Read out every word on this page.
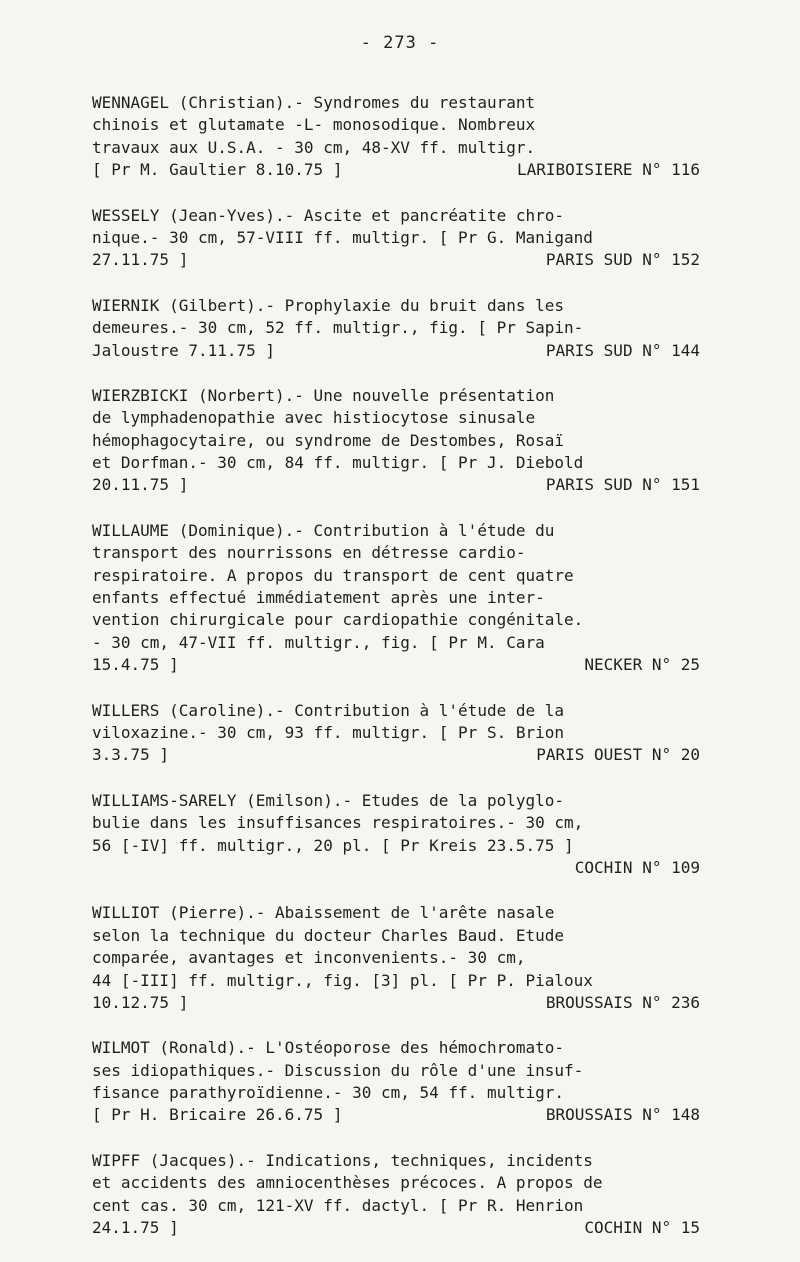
- 273 -
WENNAGEL (Christian).- Syndromes du restaurant
chinois et glutamate -L- monosodique. Nombreux
travaux aux U.S.A. - 30 cm, 48-XV ff. multigr.
[ Pr M. Gaultier 8.10.75 ]	LARIBOISIERE N° 116
WESSELY (Jean-Yves).- Ascite et pancréatite chro-
nique.- 30 cm, 57-VIII ff. multigr. [ Pr G. Manigand
27.11.75 ]	PARIS SUD N° 152
WIERNIK (Gilbert).- Prophylaxie du bruit dans les
demeures.- 30 cm, 52 ff. multigr., fig. [ Pr Sapin-
Jaloustre 7.11.75 ]	PARIS SUD N° 144
WIERZBICKI (Norbert).- Une nouvelle présentation
de lymphadenopathie avec histiocytose sinusale
hémophagocytaire, ou syndrome de Destombes, Rosaï
et Dorfman.- 30 cm, 84 ff. multigr. [ Pr J. Diebold
20.11.75 ]	PARIS SUD N° 151
WILLAUME (Dominique).- Contribution à l'étude du
transport des nourrissons en détresse cardio-
respiratoire. A propos du transport de cent quatre
enfants effectué immédiatement après une inter-
vention chirurgicale pour cardiopathie congénitale.
- 30 cm, 47-VII ff. multigr., fig. [ Pr M. Cara
15.4.75 ]	NECKER N° 25
WILLERS (Caroline).- Contribution à l'étude de la
viloxazine.- 30 cm, 93 ff. multigr. [ Pr S. Brion
3.3.75 ]	PARIS OUEST N° 20
WILLIAMS-SARELY (Emilson).- Etudes de la polyglo-
bulie dans les insuffisances respiratoires.- 30 cm,
56 [-IV] ff. multigr., 20 pl. [ Pr Kreis 23.5.75 ]
COCHIN N° 109
WILLIOT (Pierre).- Abaissement de l'arête nasale
selon la technique du docteur Charles Baud. Etude
comparée, avantages et inconvenients.- 30 cm,
44 [-III] ff. multigr., fig. [3] pl. [ Pr P. Pialoux
10.12.75 ]	BROUSSAIS N° 236
WILMOT (Ronald).- L'Ostéoporose des hémochromato-
ses idiopathiques.- Discussion du rôle d'une insuf-
fisance parathyroïdienne.- 30 cm, 54 ff. multigr.
[ Pr H. Bricaire 26.6.75 ]	BROUSSAIS N° 148
WIPFF (Jacques).- Indications, techniques, incidents
et accidents des amniocenthèses précoces. A propos de
cent cas. 30 cm, 121-XV ff. dactyl. [ Pr R. Henrion
24.1.75 ]	COCHIN N° 15
